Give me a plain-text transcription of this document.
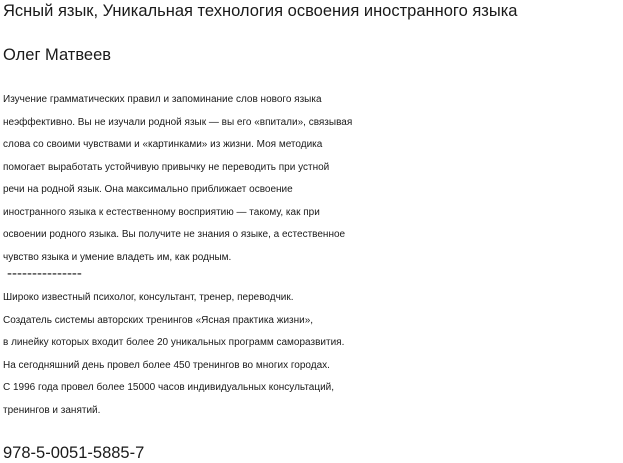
Ясный язык, Уникальная технология освоения иностранного языка
Олег Матвеев
Изучение грамматических правил и запоминание слов нового языка
неэффективно. Вы не изучали родной язык — вы его «впитали», связывая
слова со своими чувствами и «картинками» из жизни. Моя методика
помогает выработать устойчивую привычку не переводить при устной
речи на родной язык. Она максимально приближает освоение
иностранного языка к естественному восприятию — такому, как при
освоении родного языка. Вы получите не знания о языке, а естественное
чувство языка и умение владеть им, как родным.
---------------
Широко известный психолог, консультант, тренер, переводчик.
Создатель системы авторских тренингов «Ясная практика жизни»,
в линейку которых входит более 20 уникальных программ саморазвития.
На сегодняшний день провел более 450 тренингов во многих городах.
С 1996 года провел более 15000 часов индивидуальных консультаций,
тренингов и занятий.
978-5-0051-5885-7
